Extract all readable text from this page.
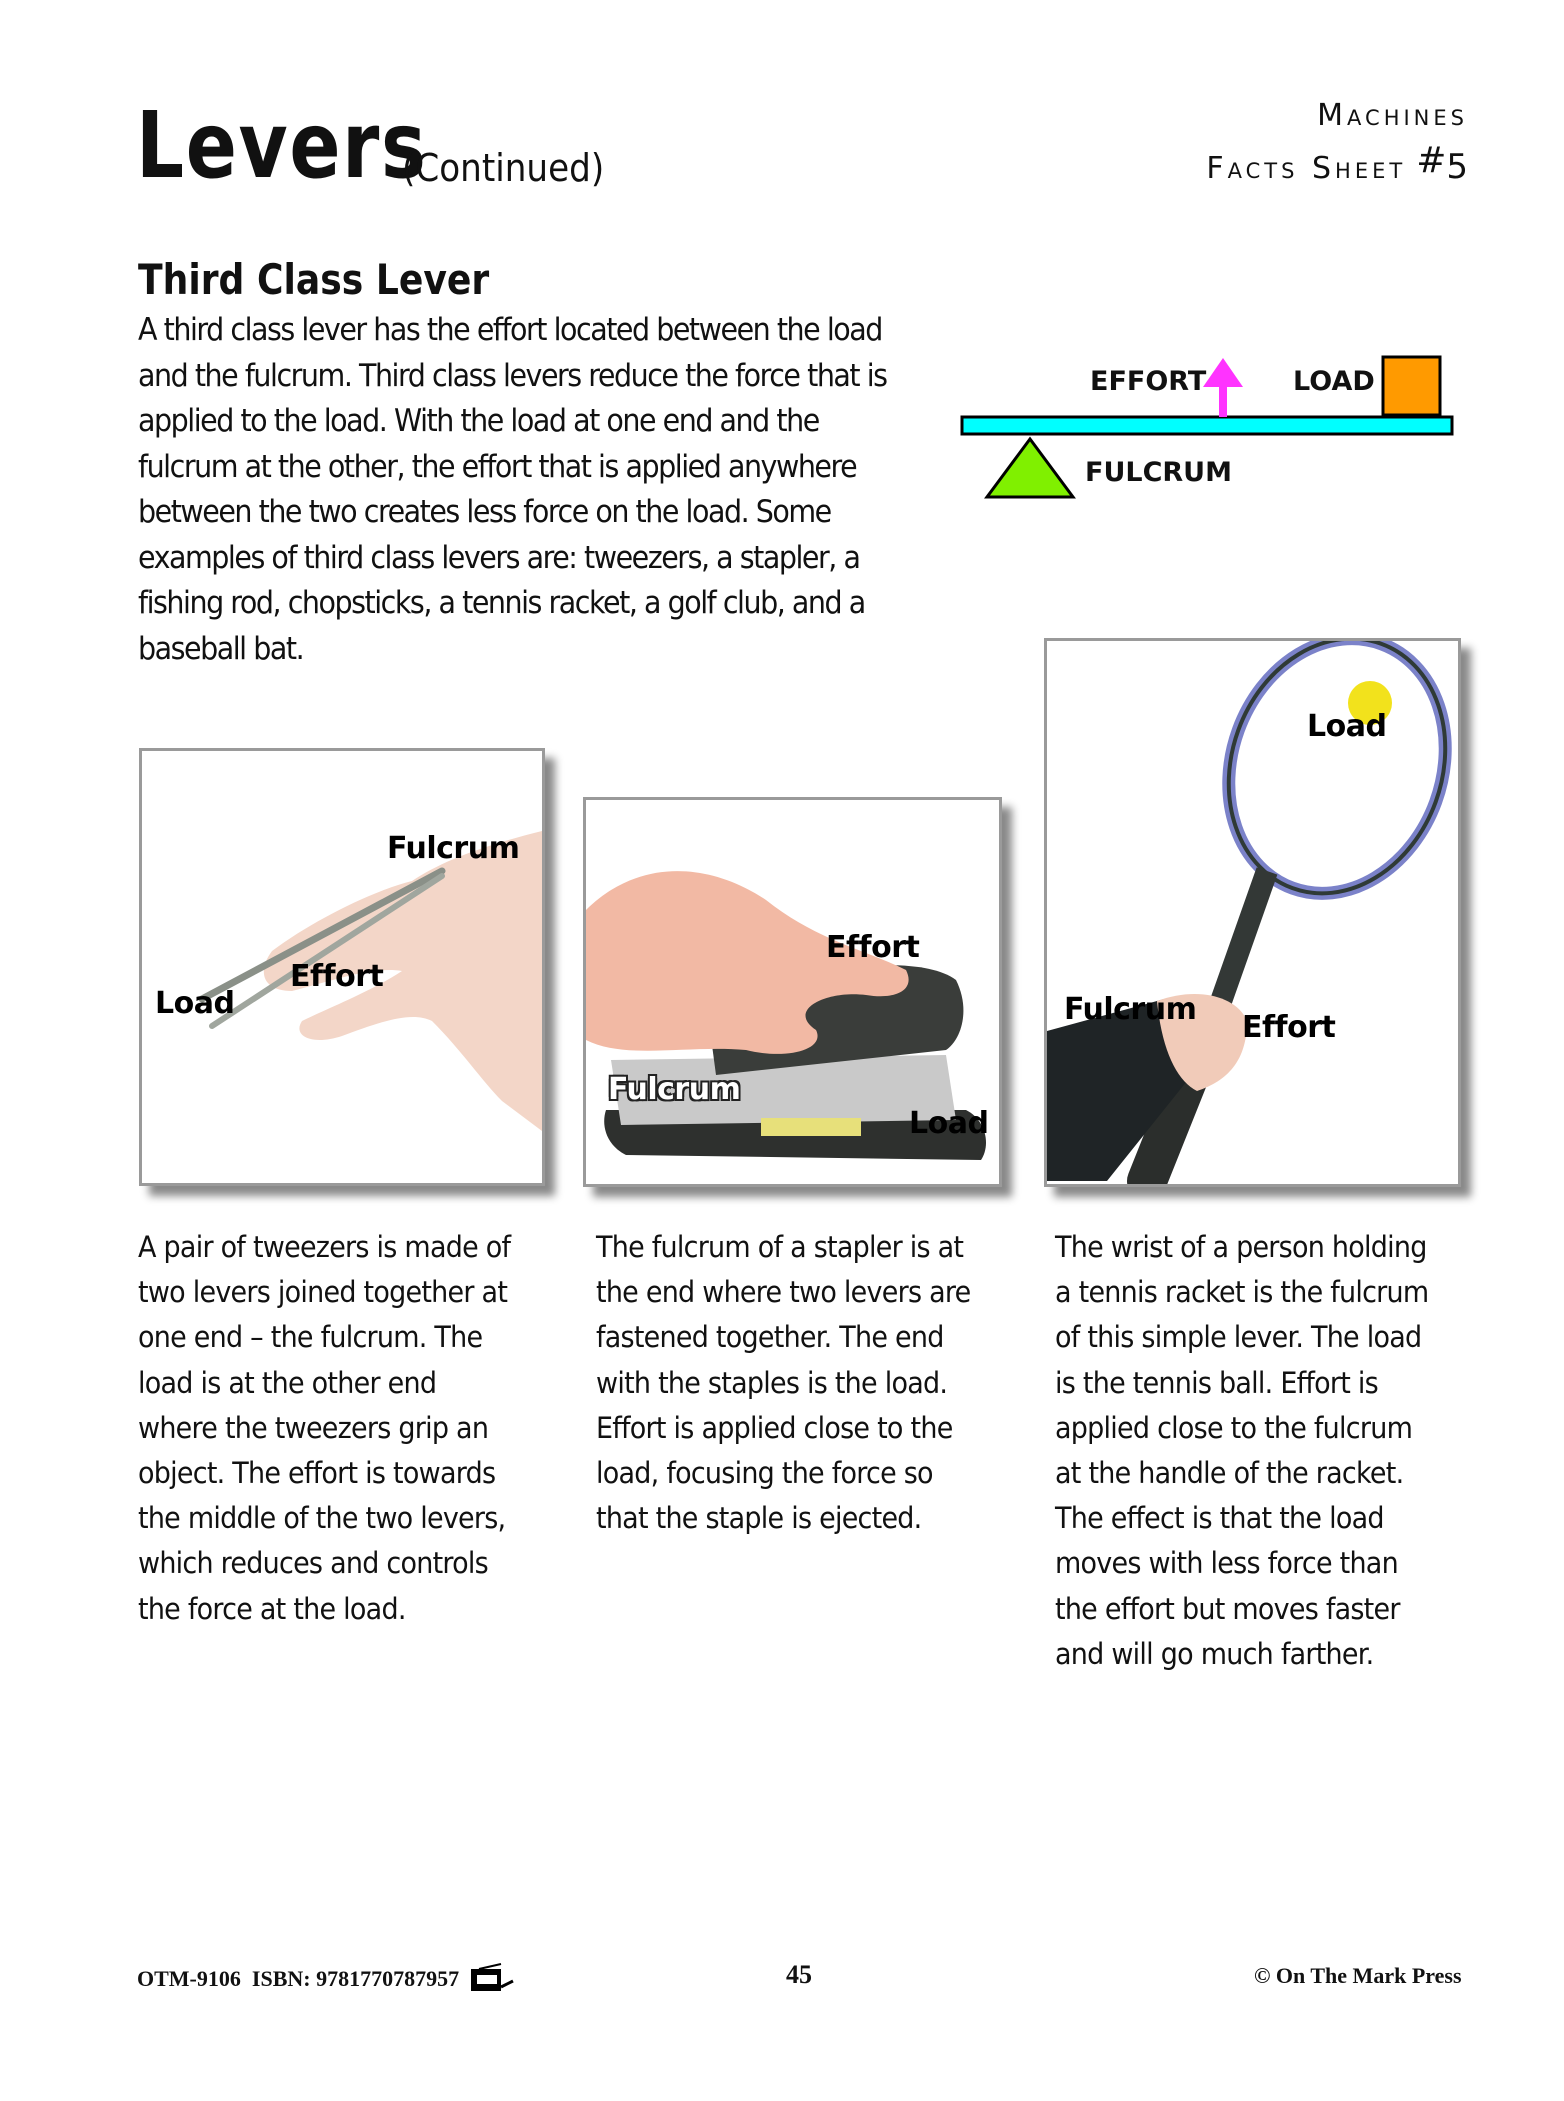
Levers
(Continued)
Machines
Facts Sheet #5
Third Class Lever
A third class lever has the effort located between the load and the fulcrum. Third class levers reduce the force that is applied to the load. With the load at one end and the fulcrum at the other, the effort that is applied anywhere between the two creates less force on the load. Some examples of third class levers are: tweezers, a stapler, a fishing rod, chopsticks, a tennis racket, a golf club, and a baseball bat.
EFFORT	LOAD
FULCRUM
Fulcrum
Effort
Load
Effort
Fulcrum
Load
Load
Fulcrum
Effort
A pair of tweezers is made of two levers joined together at one end – the fulcrum. The load is at the other end where the tweezers grip an object. The effort is towards the middle of the two levers, which reduces and controls the force at the load.
The fulcrum of a stapler is at the end where two levers are fastened together. The end with the staples is the load. Effort is applied close to the load, focusing the force so that the staple is ejected.
The wrist of a person holding a tennis racket is the fulcrum of this simple lever. The load is the tennis ball. Effort is applied close to the fulcrum at the handle of the racket. The effect is that the load moves with less force than the effort but moves faster and will go much farther.
OTM-9106 ISBN: 9781770787957	45	© On The Mark Press
